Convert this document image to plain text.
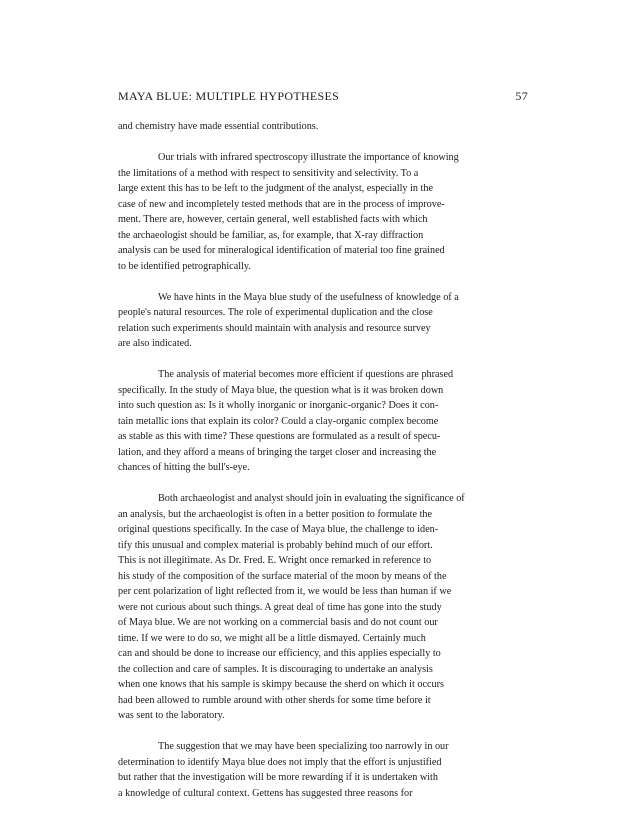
MAYA BLUE: MULTIPLE HYPOTHESES	57
and chemistry have made essential contributions.
Our trials with infrared spectroscopy illustrate the importance of knowing
the limitations of a method with respect to sensitivity and selectivity. To a
large extent this has to be left to the judgment of the analyst, especially in the
case of new and incompletely tested methods that are in the process of improve-
ment. There are, however, certain general, well established facts with which
the archaeologist should be familiar, as, for example, that X-ray diffraction
analysis can be used for mineralogical identification of material too fine grained
to be identified petrographically.
We have hints in the Maya blue study of the usefulness of knowledge of a
people's natural resources. The role of experimental duplication and the close
relation such experiments should maintain with analysis and resource survey
are also indicated.
The analysis of material becomes more efficient if questions are phrased
specifically. In the study of Maya blue, the question what is it was broken down
into such question as: Is it wholly inorganic or inorganic-organic? Does it con-
tain metallic ions that explain its color? Could a clay-organic complex become
as stable as this with time? These questions are formulated as a result of specu-
lation, and they afford a means of bringing the target closer and increasing the
chances of hitting the bull's-eye.
Both archaeologist and analyst should join in evaluating the significance of
an analysis, but the archaeologist is often in a better position to formulate the
original questions specifically. In the case of Maya blue, the challenge to iden-
tify this unusual and complex material is probably behind much of our effort.
This is not illegitimate. As Dr. Fred. E. Wright once remarked in reference to
his study of the composition of the surface material of the moon by means of the
per cent polarization of light reflected from it, we would be less than human if we
were not curious about such things. A great deal of time has gone into the study
of Maya blue. We are not working on a commercial basis and do not count our
time. If we were to do so, we might all be a little dismayed. Certainly much
can and should be done to increase our efficiency, and this applies especially to
the collection and care of samples. It is discouraging to undertake an analysis
when one knows that his sample is skimpy because the sherd on which it occurs
had been allowed to rumble around with other sherds for some time before it
was sent to the laboratory.
The suggestion that we may have been specializing too narrowly in our
determination to identify Maya blue does not imply that the effort is unjustified
but rather that the investigation will be more rewarding if it is undertaken with
a knowledge of cultural context. Gettens has suggested three reasons for
